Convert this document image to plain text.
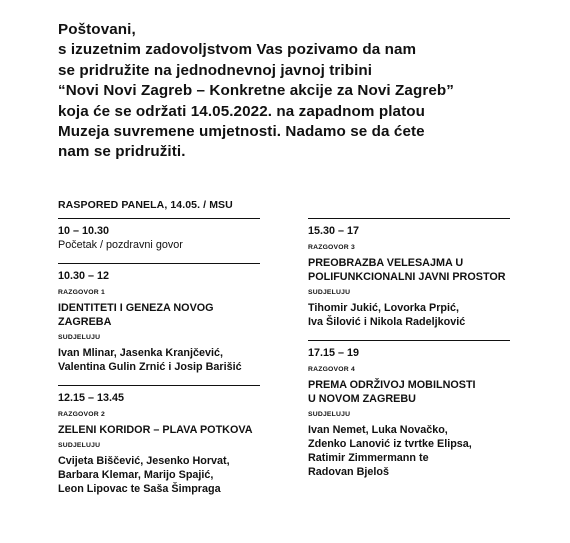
Poštovani,
s izuzetnim zadovoljstvom Vas pozivamo da nam
se pridružite na jednodnevnoj javnoj tribini
“Novi Novi Zagreb – Konkretne akcije za Novi Zagreb”
koja će se održati 14.05.2022. na zapadnom platou
Muzeja suvremene umjetnosti. Nadamo se da ćete
nam se pridružiti.
RASPORED PANELA, 14.05. / MSU
10 – 10.30
Početak / pozdravni govor
10.30 – 12
RAZGOVOR 1
IDENTITETI I GENEZA NOVOG
ZAGREBA
SUDJELUJU
Ivan Mlinar, Jasenka Kranjčević,
Valentina Gulin Zrnić i Josip Barišić
12.15 – 13.45
RAZGOVOR 2
ZELENI KORIDOR – PLAVA POTKOVA
SUDJELUJU
Cvijeta Biščević, Jesenko Horvat,
Barbara Klemar, Marijo Spajić,
Leon Lipovac te Saša Šimpraga
15.30 – 17
RAZGOVOR 3
PREOBRAZBA VELESAJMA U
POLIFUNKCIONALNI JAVNI PROSTOR
SUDJELUJU
Tihomir Jukić, Lovorka Prpić,
Iva Šilović i Nikola Radeljković
17.15 – 19
RAZGOVOR 4
PREMA ODRŽIVOJ MOBILNOSTI
U NOVOM ZAGREBU
SUDJELUJU
Ivan Nemet, Luka Novačko,
Zdenko Lanović iz tvrtke Elipsa,
Ratimir Zimmermann te
Radovan Bjeloš
